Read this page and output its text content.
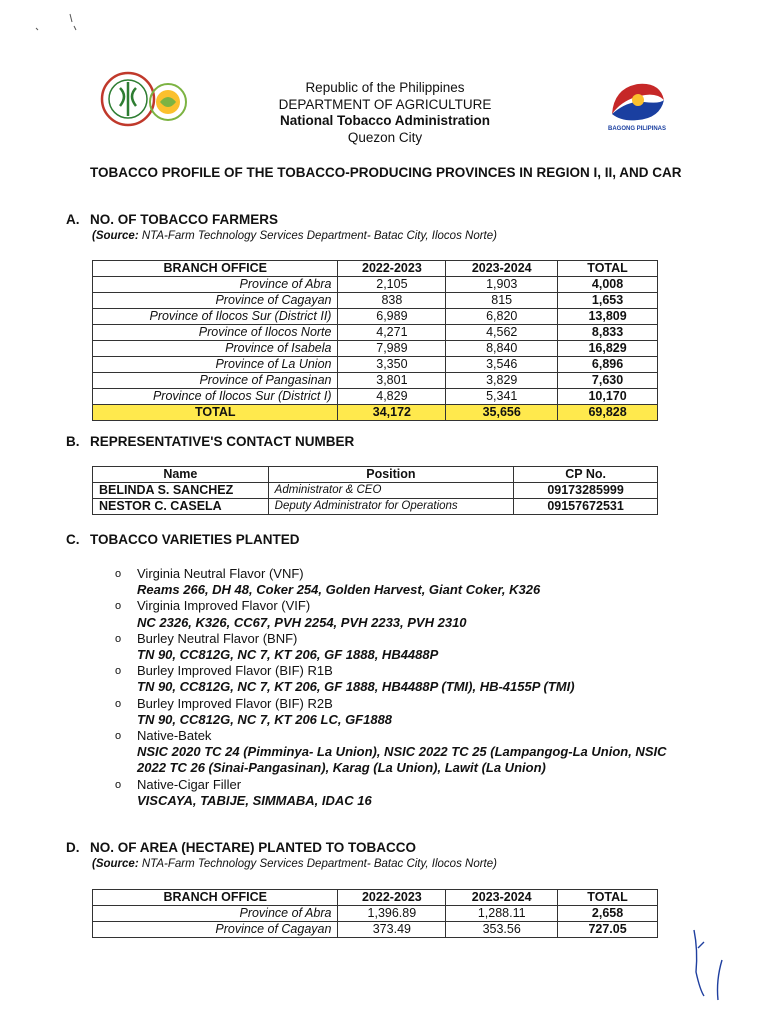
Republic of the Philippines
DEPARTMENT OF AGRICULTURE
National Tobacco Administration
Quezon City
BAGONG PILIPINAS
TOBACCO PROFILE OF THE TOBACCO-PRODUCING PROVINCES IN REGION I, II, AND CAR
A. NO. OF TOBACCO FARMERS
(Source: NTA-Farm Technology Services Department- Batac City, Ilocos Norte)
BRANCH OFFICE	2022-2023	2023-2024	TOTAL
Province of Abra	2,105	1,903	4,008
Province of Cagayan	838	815	1,653
Province of Ilocos Sur (District II)	6,989	6,820	13,809
Province of Ilocos Norte	4,271	4,562	8,833
Province of Isabela	7,989	8,840	16,829
Province of La Union	3,350	3,546	6,896
Province of Pangasinan	3,801	3,829	7,630
Province of Ilocos Sur (District I)	4,829	5,341	10,170
TOTAL	34,172	35,656	69,828
B. REPRESENTATIVE'S CONTACT NUMBER
Name	Position	CP No.
BELINDA S. SANCHEZ	Administrator & CEO	09173285999
NESTOR C. CASELA	Deputy Administrator for Operations	09157672531
C. TOBACCO VARIETIES PLANTED
o Virginia Neutral Flavor (VNF)
Reams 266, DH 48, Coker 254, Golden Harvest, Giant Coker, K326
o Virginia Improved Flavor (VIF)
NC 2326, K326, CC67, PVH 2254, PVH 2233, PVH 2310
o Burley Neutral Flavor (BNF)
TN 90, CC812G, NC 7, KT 206, GF 1888, HB4488P
o Burley Improved Flavor (BIF) R1B
TN 90, CC812G, NC 7, KT 206, GF 1888, HB4488P (TMI), HB-4155P (TMI)
o Burley Improved Flavor (BIF) R2B
TN 90, CC812G, NC 7, KT 206 LC, GF1888
o Native-Batek
NSIC 2020 TC 24 (Pimminya- La Union), NSIC 2022 TC 25 (Lampangog-La Union, NSIC 2022 TC 26 (Sinai-Pangasinan), Karag (La Union), Lawit (La Union)
o Native-Cigar Filler
VISCAYA, TABIJE, SIMMABA, IDAC 16
D. NO. OF AREA (HECTARE) PLANTED TO TOBACCO
(Source: NTA-Farm Technology Services Department- Batac City, Ilocos Norte)
BRANCH OFFICE	2022-2023	2023-2024	TOTAL
Province of Abra	1,396.89	1,288.11	2,658
Province of Cagayan	373.49	353.56	727.05
